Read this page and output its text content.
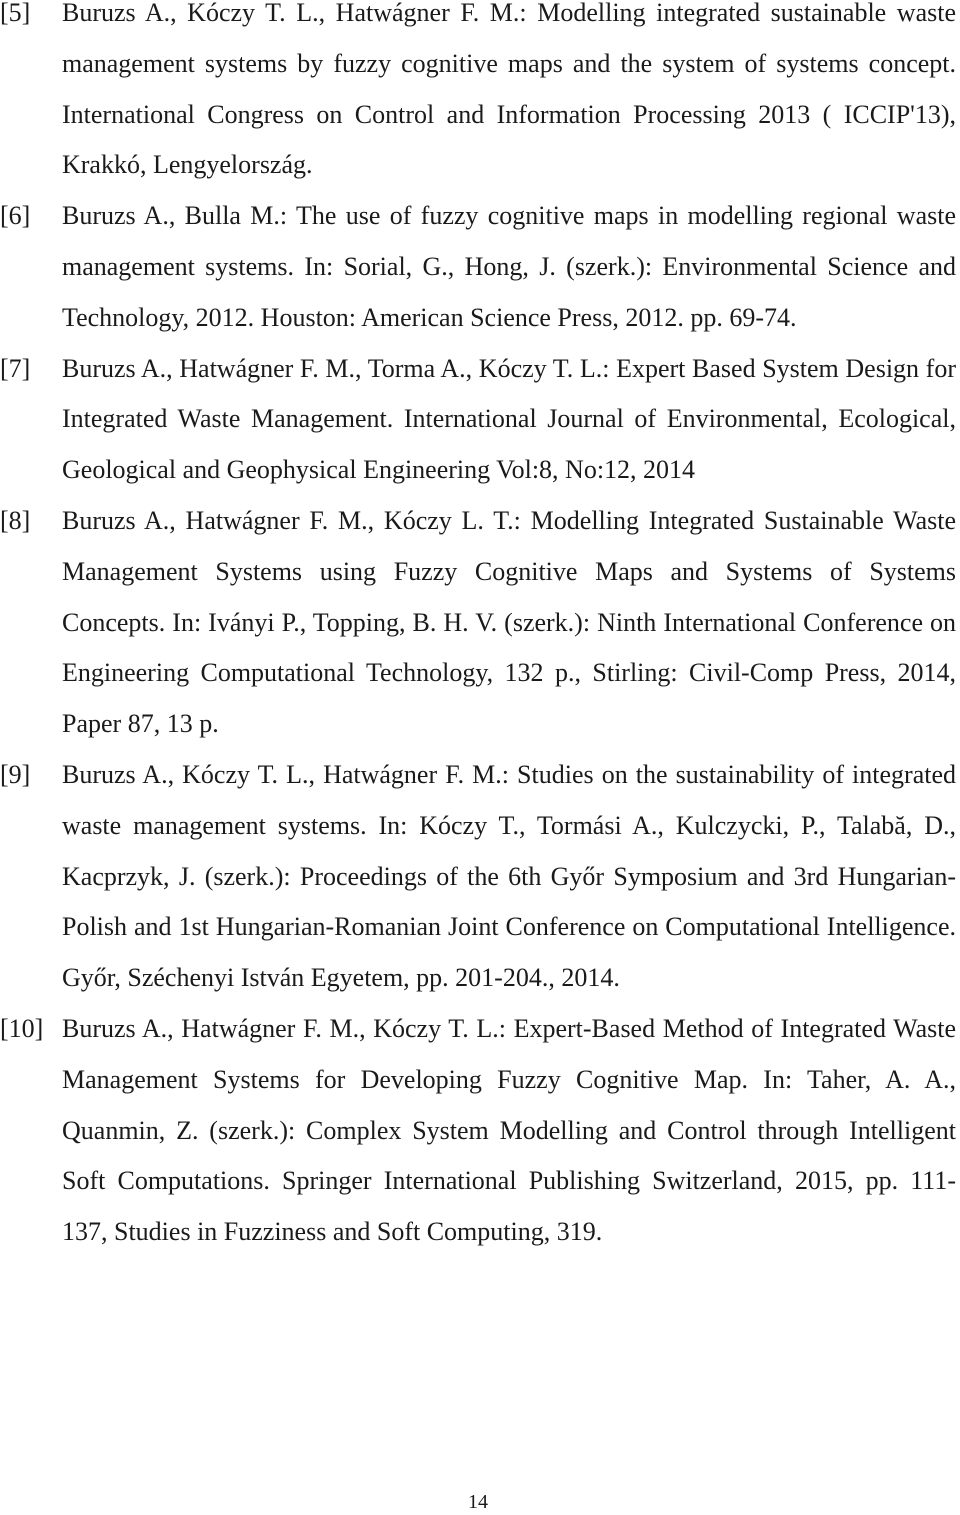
[5] Buruzs A., Kóczy T. L., Hatwágner F. M.: Modelling integrated sustainable waste management systems by fuzzy cognitive maps and the system of systems concept. International Congress on Control and Information Processing 2013 ( ICCIP'13), Krakkó, Lengyelország.
[6] Buruzs A., Bulla M.: The use of fuzzy cognitive maps in modelling regional waste management systems. In: Sorial, G., Hong, J. (szerk.): Environmental Science and Technology, 2012. Houston: American Science Press, 2012. pp. 69-74.
[7] Buruzs A., Hatwágner F. M., Torma A., Kóczy T. L.: Expert Based System Design for Integrated Waste Management. International Journal of Environmental, Ecological, Geological and Geophysical Engineering Vol:8, No:12, 2014
[8] Buruzs A., Hatwágner F. M., Kóczy L. T.: Modelling Integrated Sustainable Waste Management Systems using Fuzzy Cognitive Maps and Systems of Systems Concepts. In: Iványi P., Topping, B. H. V. (szerk.): Ninth International Conference on Engineering Computational Technology, 132 p., Stirling: Civil-Comp Press, 2014, Paper 87, 13 p.
[9] Buruzs A., Kóczy T. L., Hatwágner F. M.: Studies on the sustainability of integrated waste management systems. In: Kóczy T., Tormási A., Kulczycki, P., Talabă, D., Kacprzyk, J. (szerk.): Proceedings of the 6th Győr Symposium and 3rd Hungarian-Polish and 1st Hungarian-Romanian Joint Conference on Computational Intelligence. Győr, Széchenyi István Egyetem, pp. 201-204., 2014.
[10] Buruzs A., Hatwágner F. M., Kóczy T. L.: Expert-Based Method of Integrated Waste Management Systems for Developing Fuzzy Cognitive Map. In: Taher, A. A., Quanmin, Z. (szerk.): Complex System Modelling and Control through Intelligent Soft Computations. Springer International Publishing Switzerland, 2015, pp. 111-137, Studies in Fuzziness and Soft Computing, 319.
14
